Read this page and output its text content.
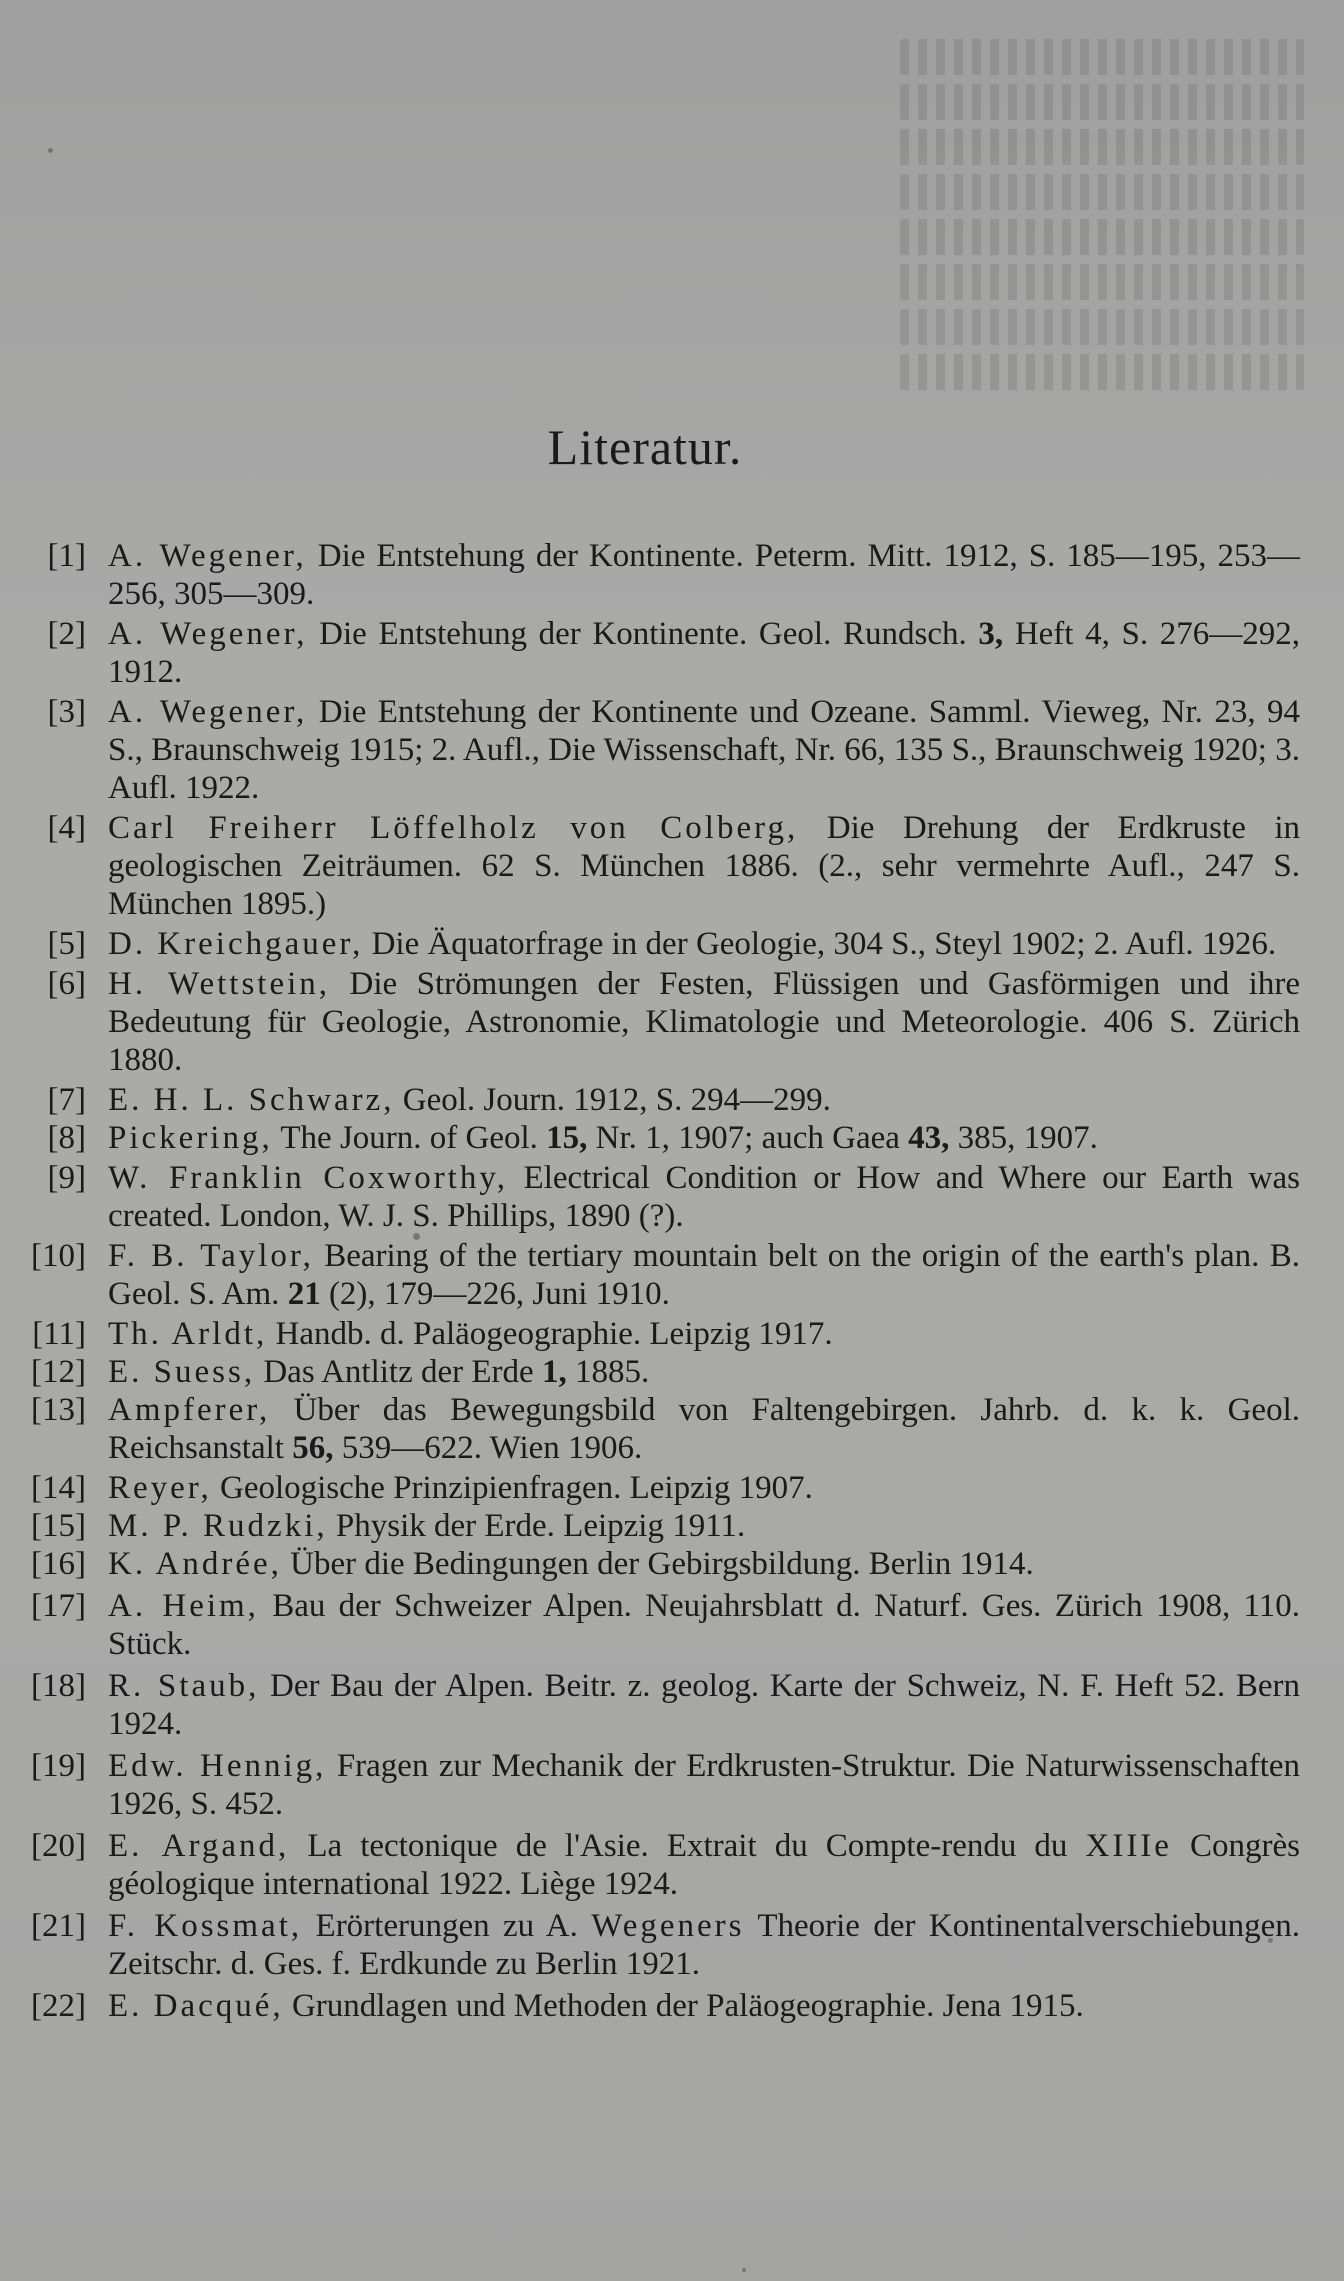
Literatur.
[1] A. Wegener, Die Entstehung der Kontinente. Peterm. Mitt. 1912, S. 185—195, 253—256, 305—309.
[2] A. Wegener, Die Entstehung der Kontinente. Geol. Rundsch. 3, Heft 4, S. 276—292, 1912.
[3] A. Wegener, Die Entstehung der Kontinente und Ozeane. Samml. Vieweg, Nr. 23, 94 S., Braunschweig 1915; 2. Aufl., Die Wissenschaft, Nr. 66, 135 S., Braunschweig 1920; 3. Aufl. 1922.
[4] Carl Freiherr Löffelholz von Colberg, Die Drehung der Erdkruste in geologischen Zeiträumen. 62 S. München 1886. (2., sehr vermehrte Aufl., 247 S. München 1895.)
[5] D. Kreichgauer, Die Äquatorfrage in der Geologie, 304 S., Steyl 1902; 2. Aufl. 1926.
[6] H. Wettstein, Die Strömungen der Festen, Flüssigen und Gasförmigen und ihre Bedeutung für Geologie, Astronomie, Klimatologie und Meteorologie. 406 S. Zürich 1880.
[7] E. H. L. Schwarz, Geol. Journ. 1912, S. 294—299.
[8] Pickering, The Journ. of Geol. 15, Nr. 1, 1907; auch Gaea 43, 385, 1907.
[9] W. Franklin Coxworthy, Electrical Condition or How and Where our Earth was created. London, W. J. S. Phillips, 1890 (?).
[10] F. B. Taylor, Bearing of the tertiary mountain belt on the origin of the earth's plan. B. Geol. S. Am. 21 (2), 179—226, Juni 1910.
[11] Th. Arldt, Handb. d. Paläogeographie. Leipzig 1917.
[12] E. Suess, Das Antlitz der Erde 1, 1885.
[13] Ampferer, Über das Bewegungsbild von Faltengebirgen. Jahrb. d. k. k. Geol. Reichsanstalt 56, 539—622. Wien 1906.
[14] Reyer, Geologische Prinzipienfragen. Leipzig 1907.
[15] M. P. Rudzki, Physik der Erde. Leipzig 1911.
[16] K. Andrée, Über die Bedingungen der Gebirgsbildung. Berlin 1914.
[17] A. Heim, Bau der Schweizer Alpen. Neujahrsblatt d. Naturf. Ges. Zürich 1908, 110. Stück.
[18] R. Staub, Der Bau der Alpen. Beitr. z. geolog. Karte der Schweiz, N. F. Heft 52. Bern 1924.
[19] Edw. Hennig, Fragen zur Mechanik der Erdkrusten-Struktur. Die Naturwissenschaften 1926, S. 452.
[20] E. Argand, La tectonique de l'Asie. Extrait du Compte-rendu du XIIIe Congrès géologique international 1922. Liège 1924.
[21] F. Kossmat, Erörterungen zu A. Wegeners Theorie der Kontinentalverschiebungen. Zeitschr. d. Ges. f. Erdkunde zu Berlin 1921.
[22] E. Dacqué, Grundlagen und Methoden der Paläogeographie. Jena 1915.
